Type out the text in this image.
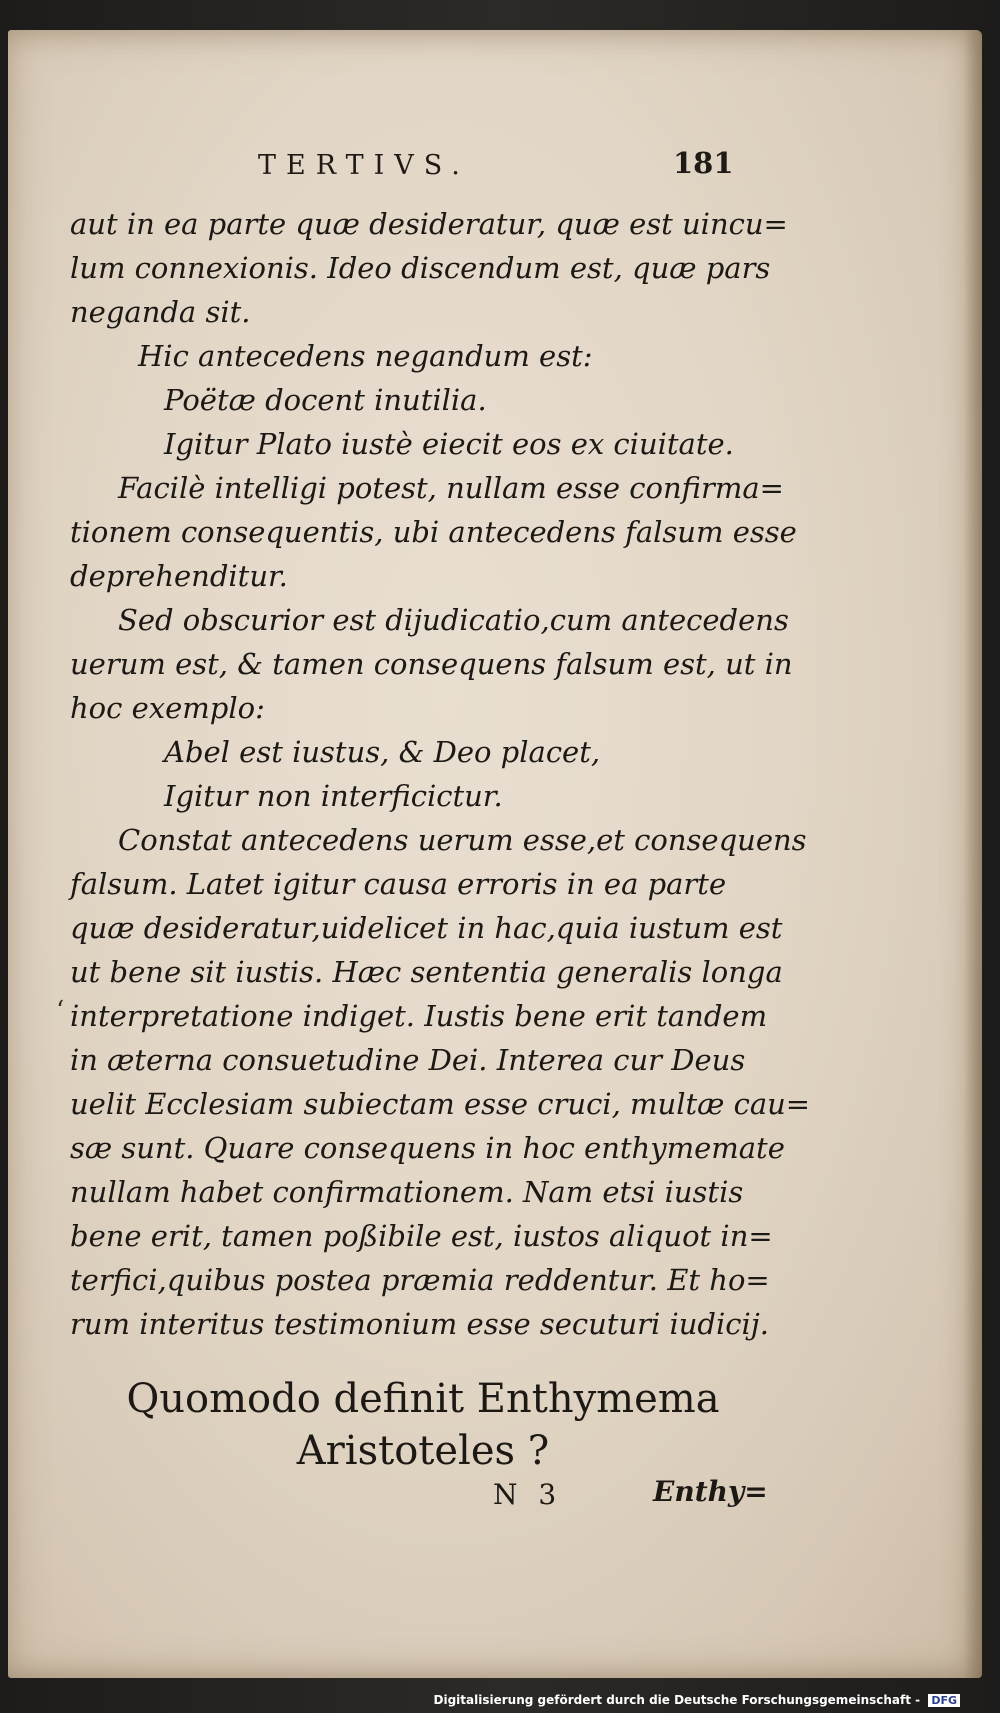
TERTIVS.	181
‘
aut in ea parte quæ desideratur, quæ est uincu=
lum connexionis. Ideo discendum est, quæ pars
neganda sit.
Hic antecedens negandum est:
Poëtæ docent inutilia.
Igitur Plato iustè eiecit eos ex ciuitate.
Facilè intelligi potest, nullam esse confirma=
tionem consequentis, ubi antecedens falsum esse
deprehenditur.
Sed obscurior est dijudicatio,cum antecedens
uerum est, & tamen consequens falsum est, ut in
hoc exemplo:
Abel est iustus, & Deo placet,
Igitur non interficictur.
Constat antecedens uerum esse,et consequens
falsum. Latet igitur causa erroris in ea parte
quæ desideratur,uidelicet in hac,quia iustum est
ut bene sit iustis. Hæc sententia generalis longa
interpretatione indiget. Iustis bene erit tandem
in æterna consuetudine Dei. Interea cur Deus
uelit Ecclesiam subiectam esse cruci, multæ cau=
sæ sunt. Quare consequens in hoc enthymemate
nullam habet confirmationem. Nam etsi iustis
bene erit, tamen poßibile est, iustos aliquot in=
terfici,quibus postea præmia reddentur. Et ho=
rum interitus testimonium esse secuturi iudicij.
Quomodo definit Enthymema
Aristoteles ?
N 3	Enthy=
Digitalisierung gefördert durch die Deutsche Forschungsgemeinschaft - DFG
